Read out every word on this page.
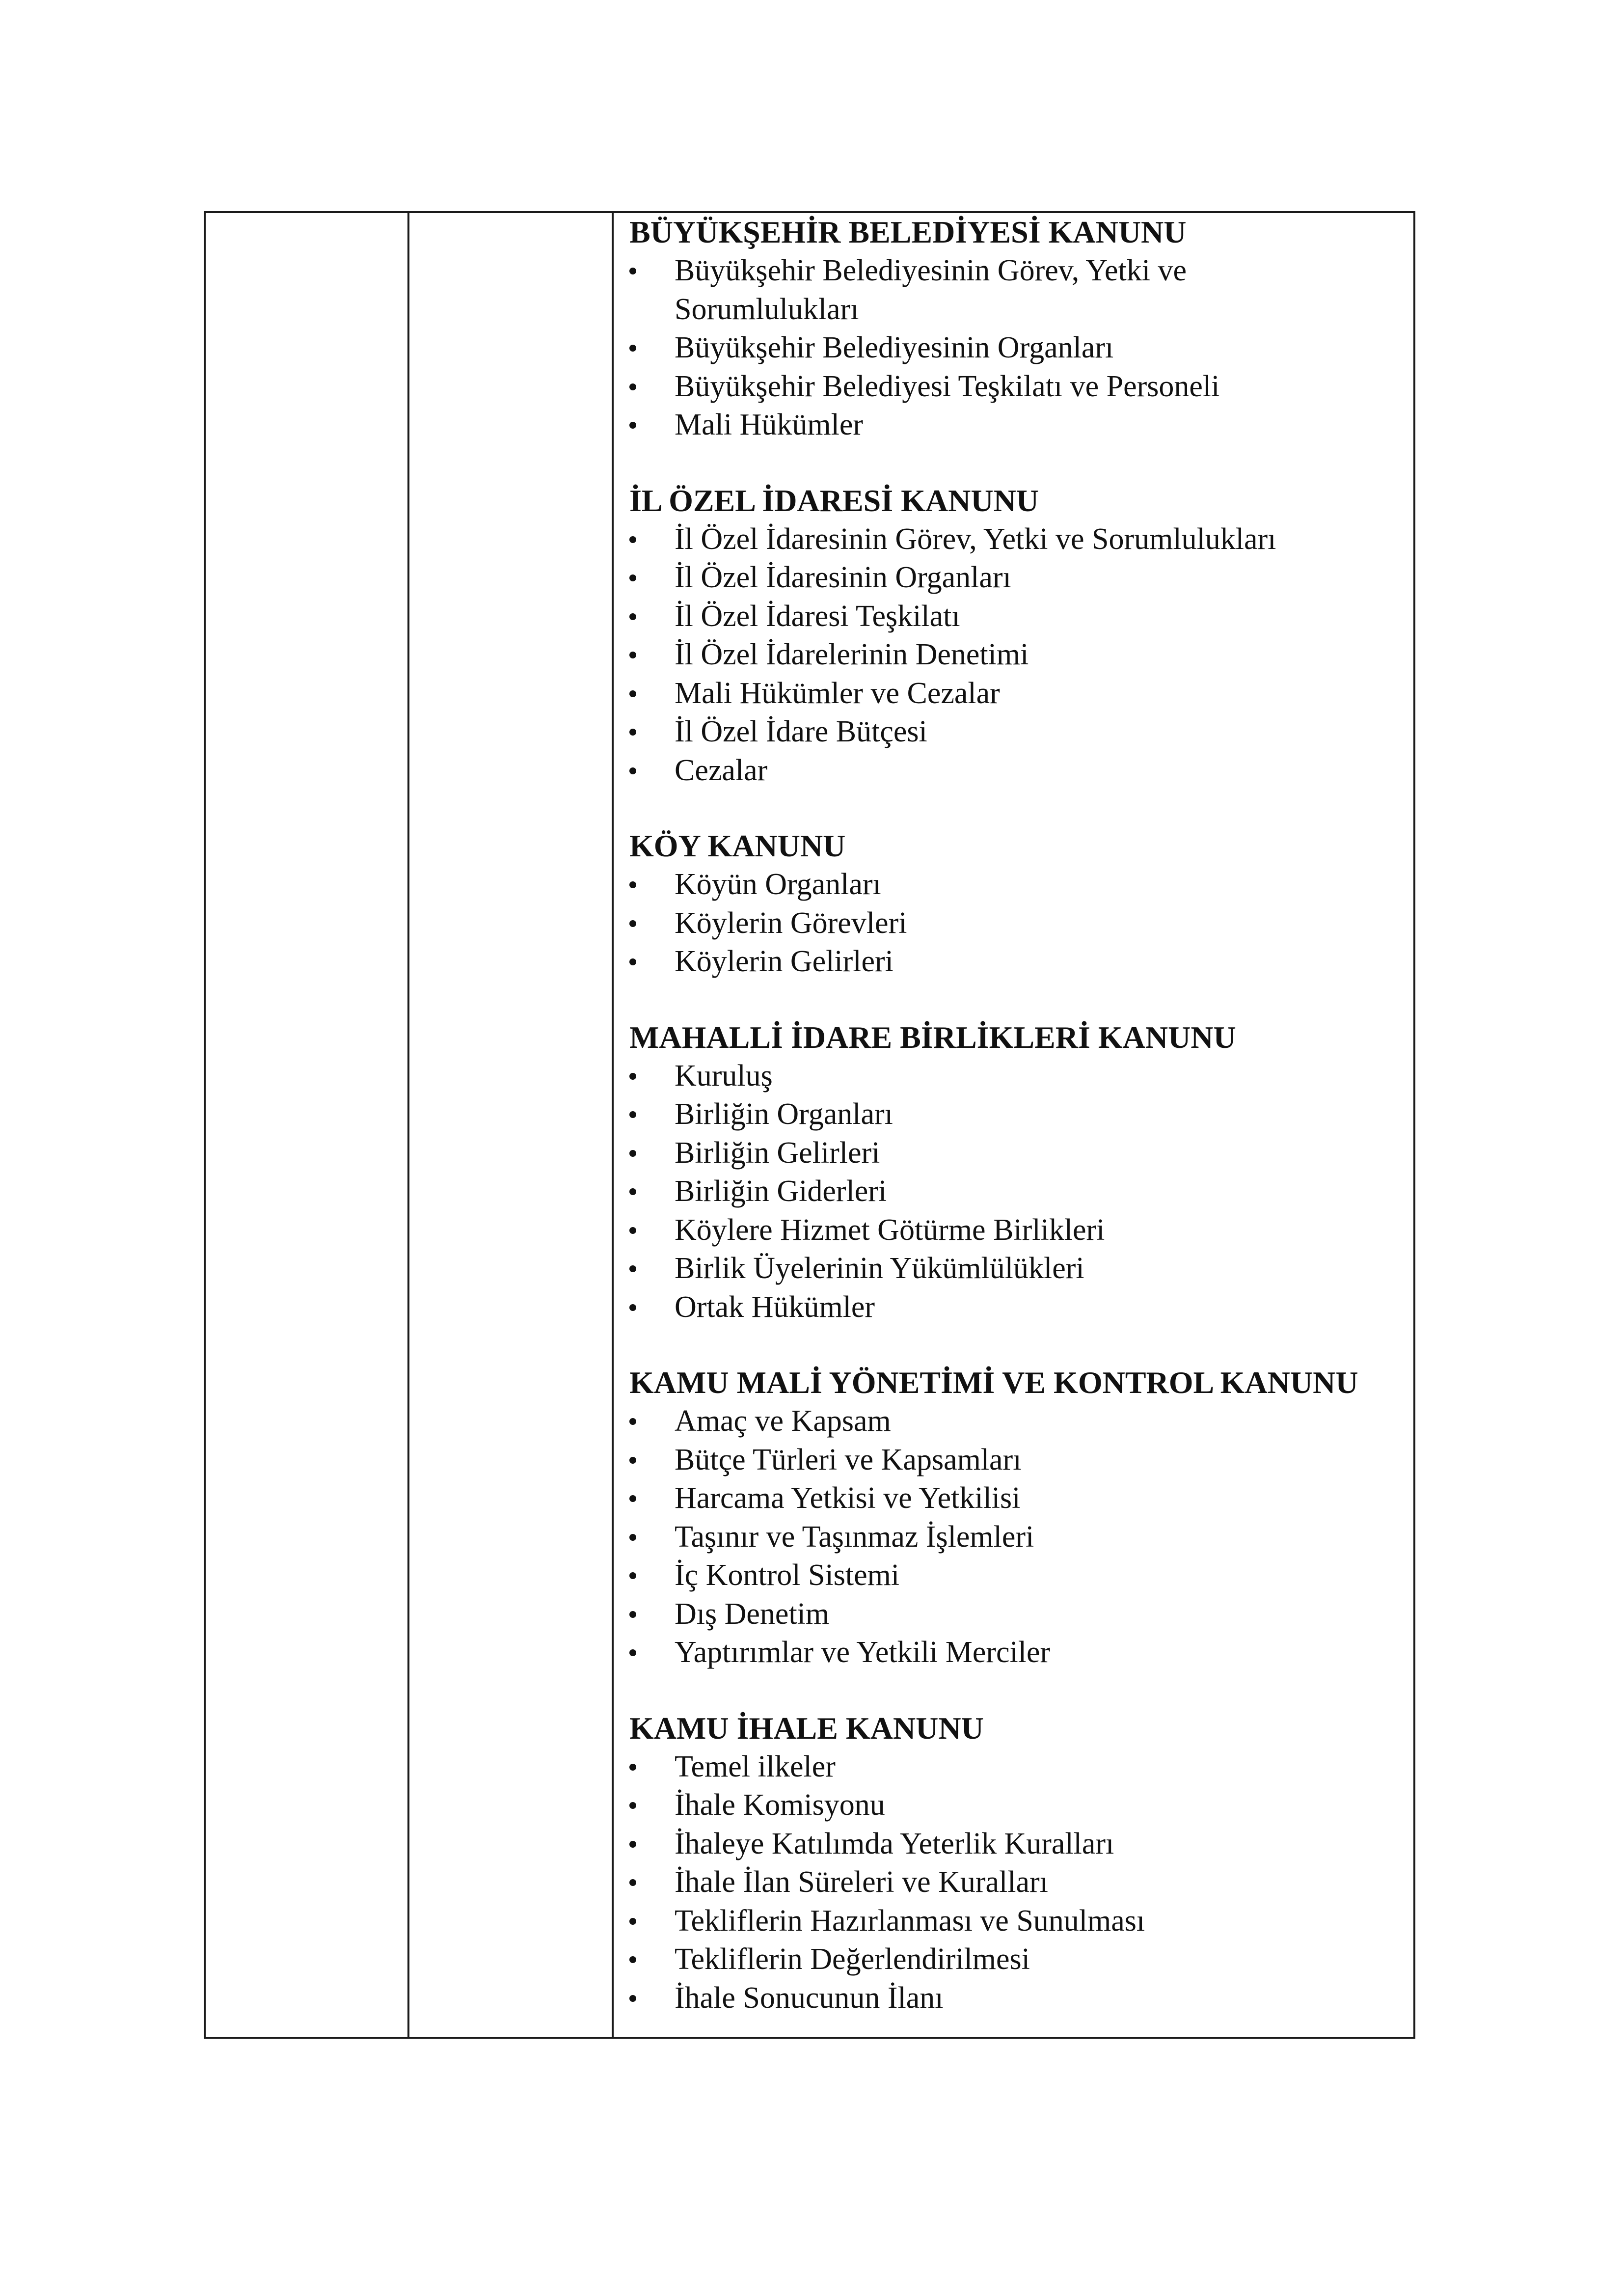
BÜYÜKŞEHİR BELEDİYESİ KANUNU
Büyükşehir Belediyesinin Görev, Yetki ve Sorumlulukları
Büyükşehir Belediyesinin Organları
Büyükşehir Belediyesi Teşkilatı ve Personeli
Mali Hükümler
İL ÖZEL İDARESİ KANUNU
İl Özel İdaresinin Görev, Yetki ve Sorumlulukları
İl Özel İdaresinin Organları
İl Özel İdaresi Teşkilatı
İl Özel İdarelerinin Denetimi
Mali Hükümler ve Cezalar
İl Özel İdare Bütçesi
Cezalar
KÖY KANUNU
Köyün Organları
Köylerin Görevleri
Köylerin Gelirleri
MAHALLİ İDARE BİRLİKLERİ KANUNU
Kuruluş
Birliğin Organları
Birliğin Gelirleri
Birliğin Giderleri
Köylere Hizmet Götürme Birlikleri
Birlik Üyelerinin Yükümlülükleri
Ortak Hükümler
KAMU MALİ YÖNETİMİ VE KONTROL KANUNU
Amaç ve Kapsam
Bütçe Türleri ve Kapsamları
Harcama Yetkisi ve Yetkilisi
Taşınır ve Taşınmaz İşlemleri
İç Kontrol Sistemi
Dış Denetim
Yaptırımlar ve Yetkili Merciler
KAMU İHALE KANUNU
Temel ilkeler
İhale Komisyonu
İhaleye Katılımda Yeterlik Kuralları
İhale İlan Süreleri ve Kuralları
Tekliflerin Hazırlanması ve Sunulması
Tekliflerin Değerlendirilmesi
İhale Sonucunun İlanı
